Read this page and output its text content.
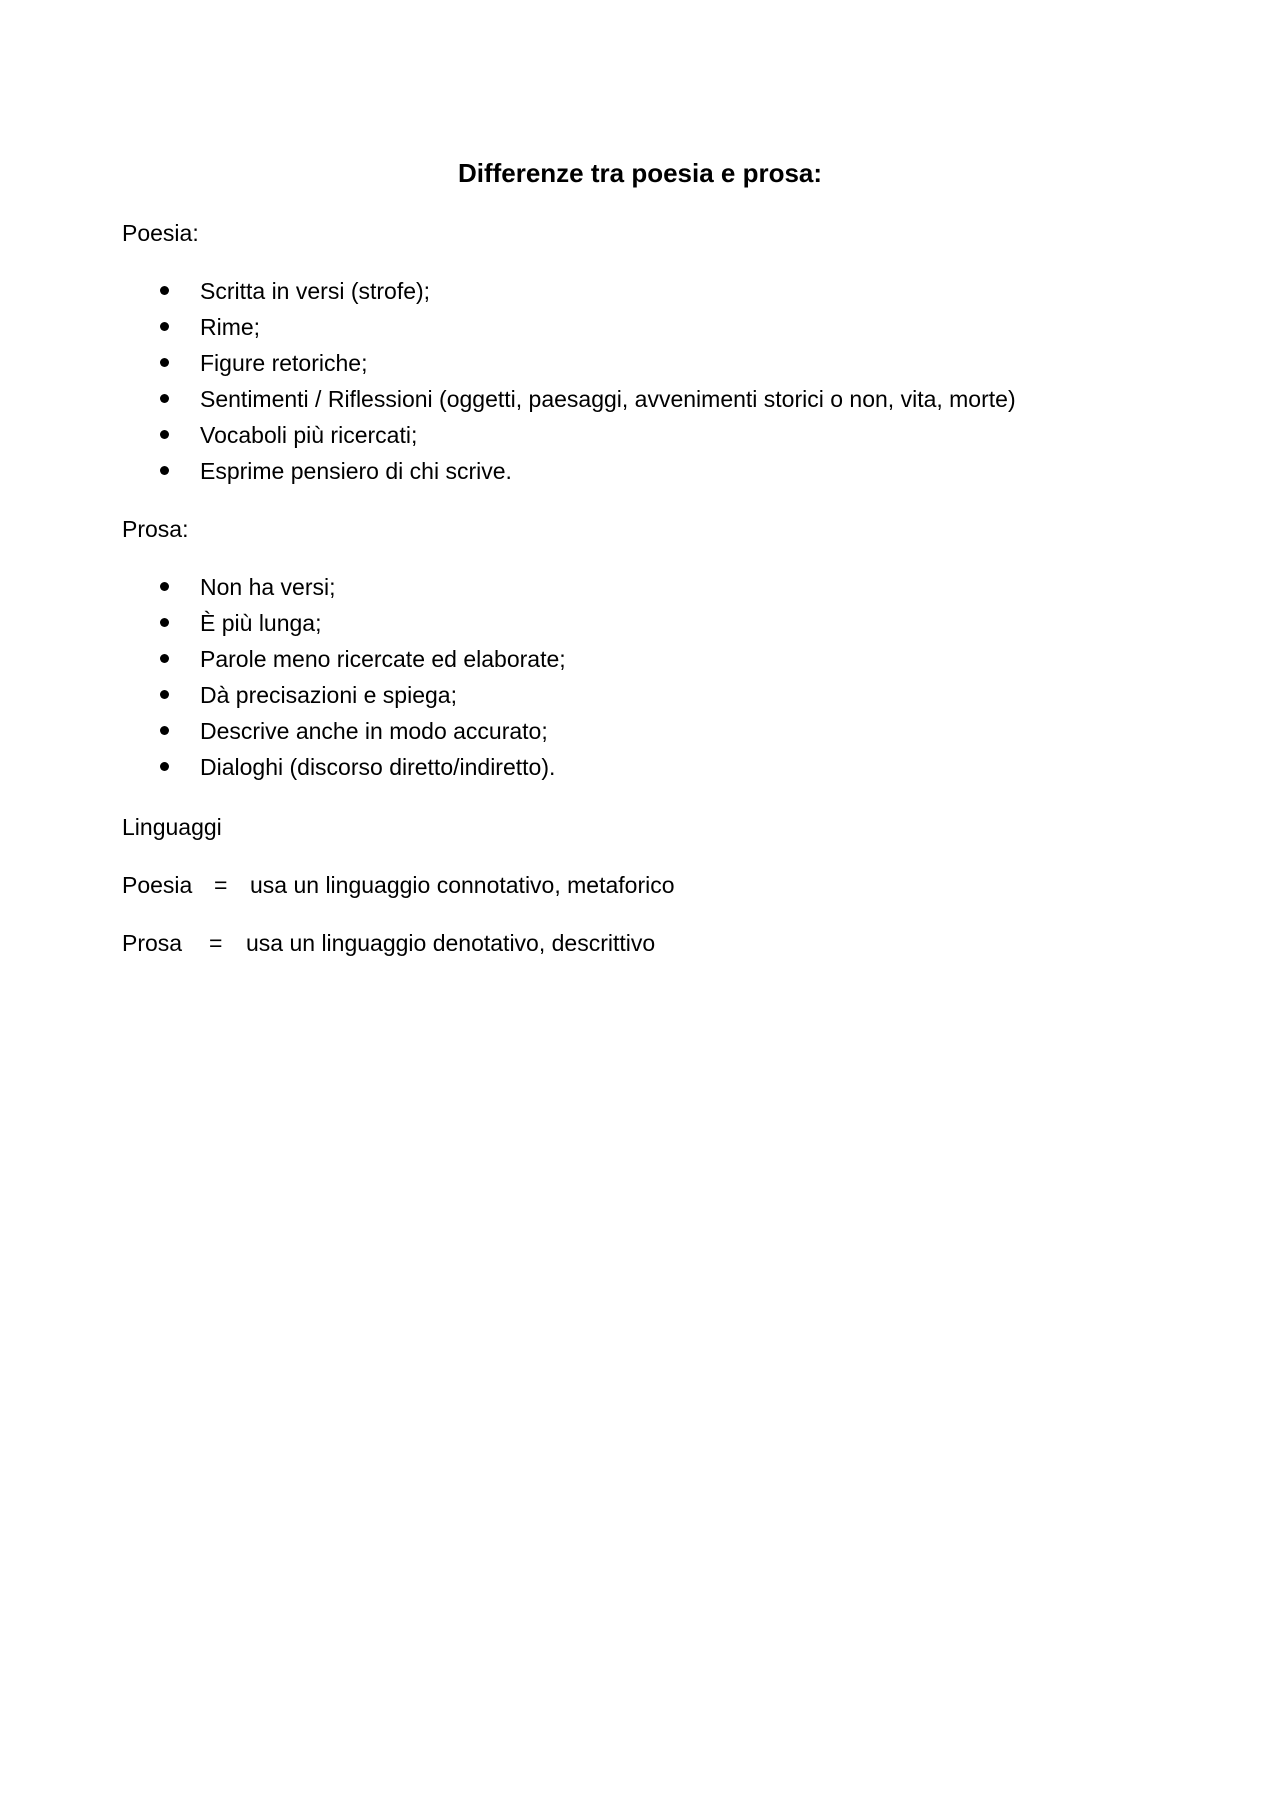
Differenze tra poesia e prosa:
Poesia:
Scritta in versi (strofe);
Rime;
Figure retoriche;
Sentimenti / Riflessioni (oggetti, paesaggi, avvenimenti storici o non, vita, morte)
Vocaboli più ricercati;
Esprime pensiero di chi scrive.
Prosa:
Non ha versi;
È più lunga;
Parole meno ricercate ed elaborate;
Dà precisazioni e spiega;
Descrive anche in modo accurato;
Dialoghi (discorso diretto/indiretto).
Linguaggi
Poesia = usa un linguaggio connotativo, metaforico
Prosa = usa un linguaggio denotativo, descrittivo
